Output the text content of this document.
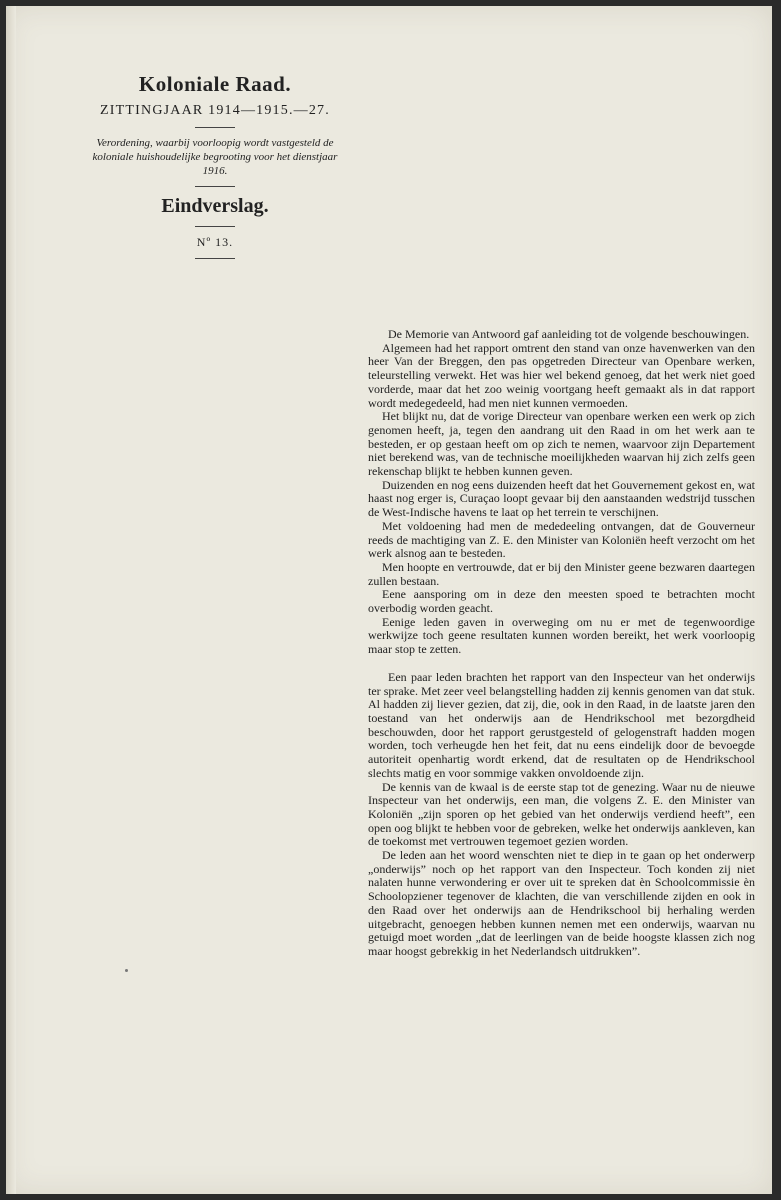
Koloniale Raad.
ZITTINGJAAR 1914—1915.—27.
Verordening, waarbij voorloopig wordt vastgesteld de koloniale huishoudelijke begrooting voor het dienstjaar 1916.
Eindverslag.
Nº 13.

De Memorie van Antwoord gaf aanleiding tot de volgende beschouwingen.

Algemeen had het rapport omtrent den stand van onze havenwerken van den heer Van der Breggen, den pas opgetreden Directeur van Openbare werken, teleurstelling verwekt. Het was hier wel bekend genoeg, dat het werk niet goed vorderde, maar dat het zoo weinig voortgang heeft gemaakt als in dat rapport wordt medegedeeld, had men niet kunnen vermoeden.

Het blijkt nu, dat de vorige Directeur van openbare werken een werk op zich genomen heeft, ja, tegen den aandrang uit den Raad in om het werk aan te besteden, er op gestaan heeft om op zich te nemen, waarvoor zijn Departement niet berekend was, van de technische moeilijkheden waarvan hij zich zelfs geen rekenschap blijkt te hebben kunnen geven.

Duizenden en nog eens duizenden heeft dat het Gouvernement gekost en, wat haast nog erger is, Curaçao loopt gevaar bij den aanstaanden wedstrijd tusschen de West-Indische havens te laat op het terrein te verschijnen.

Met voldoening had men de mededeeling ontvangen, dat de Gouverneur reeds de machtiging van Z. E. den Minister van Koloniën heeft verzocht om het werk alsnog aan te besteden.

Men hoopte en vertrouwde, dat er bij den Minister geene bezwaren daartegen zullen bestaan.

Eene aansporing om in deze den meesten spoed te betrachten mocht overbodig worden geacht.

Eenige leden gaven in overweging om nu er met de tegenwoordige werkwijze toch geene resultaten kunnen worden bereikt, het werk voorloopig maar stop te zetten.

Een paar leden brachten het rapport van den Inspecteur van het onderwijs ter sprake. Met zeer veel belangstelling hadden zij kennis genomen van dat stuk. Al hadden zij liever gezien, dat zij, die, ook in den Raad, in de laatste jaren den toestand van het onderwijs aan de Hendrikschool met bezorgdheid beschouwden, door het rapport gerustgesteld of gelogenstraft hadden mogen worden, toch verheugde hen het feit, dat nu eens eindelijk door de bevoegde autoriteit openhartig wordt erkend, dat de resultaten op de Hendrikschool slechts matig en voor sommige vakken onvoldoende zijn.

De kennis van de kwaal is de eerste stap tot de genezing. Waar nu de nieuwe Inspecteur van het onderwijs, een man, die volgens Z. E. den Minister van Koloniën „zijn sporen op het gebied van het onderwijs verdiend heeft”, een open oog blijkt te hebben voor de gebreken, welke het onderwijs aankleven, kan de toekomst met vertrouwen tegemoet gezien worden.

De leden aan het woord wenschten niet te diep in te gaan op het onderwerp „onderwijs” noch op het rapport van den Inspecteur. Toch konden zij niet nalaten hunne verwondering er over uit te spreken dat èn Schoolcommissie èn Schoolopziener tegenover de klachten, die van verschillende zijden en ook in den Raad over het onderwijs aan de Hendrikschool bij herhaling werden uitgebracht, genoegen hebben kunnen nemen met een onderwijs, waarvan nu getuigd moet worden „dat de leerlingen van de beide hoogste klassen zich nog maar hoogst gebrekkig in het Nederlandsch uitdrukken”.
